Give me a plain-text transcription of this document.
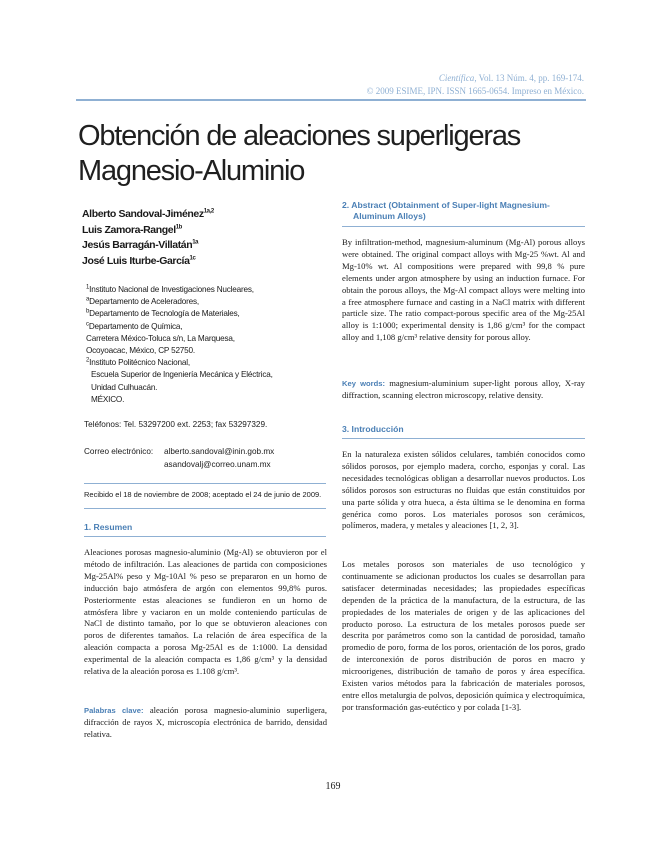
Científica, Vol. 13 Núm. 4, pp. 169-174.
© 2009 ESIME, IPN. ISSN 1665-0654. Impreso en México.
Obtención de aleaciones superligeras
Magnesio-Aluminio
Alberto Sandoval-Jiménez$^{1a,2}$
Luis Zamora-Rangel$^{1b}$
Jesús Barragán-Villatán$^{1a}$
José Luis Iturbe-García$^{1c}$
$^1$Instituto Nacional de Investigaciones Nucleares,
$^a$Departamento de Aceleradores,
$^b$Departamento de Tecnología de Materiales,
$^c$Departamento de Química,
Carretera México-Toluca s/n, La Marquesa,
Ocoyoacac, México, CP 52750.
$^2$Instituto Politécnico Nacional,
Escuela Superior de Ingeniería Mecánica y Eléctrica,
Unidad Culhuacán.
MÉXICO.
Teléfonos: Tel. 53297200 ext. 2253; fax 53297329.
Correo electrónico: alberto.sandoval@inin.gob.mx
asandovalj@correo.unam.mx
Recibido el 18 de noviembre de 2008; aceptado el 24 de junio de 2009.
1. Resumen
Aleaciones porosas magnesio-aluminio (Mg-Al) se obtuvieron por el método de infiltración. Las aleaciones de partida con composiciones Mg-25Al% peso y Mg-10Al % peso se prepararon en un horno de inducción bajo atmósfera de argón con elementos 99,8% puros. Posteriormente estas aleaciones se fundieron en un horno de atmósfera libre y vaciaron en un molde conteniendo partículas de NaCl de distinto tamaño, por lo que se obtuvieron aleaciones con poros de diferentes tamaños. La relación de área específica de la aleación compacta a porosa Mg-25Al es de 1:1000. La densidad experimental de la aleación compacta es 1,86 g/cm³ y la densidad relativa de la aleación porosa es 1.108 g/cm³.
Palabras clave: aleación porosa magnesio-aluminio superligera, difracción de rayos X, microscopía electrónica de barrido, densidad relativa.
2. Abstract (Obtainment of Super-light Magnesium-
Aluminum Alloys)
By infiltration-method, magnesium-aluminum (Mg-Al) porous alloys were obtained. The original compact alloys with Mg-25 %wt. Al and Mg-10% wt. Al compositions were prepared with 99,8 % pure elements under argon atmosphere by using an induction furnace. For obtain the porous alloys, the Mg-Al compact alloys were melting into a free atmosphere furnace and casting in a NaCl matrix with different particle size. The ratio compact-porous specific area of the Mg-25Al alloy is 1:1000; experimental density is 1,86 g/cm³ for the compact alloy and 1,108 g/cm³ relative density for porous alloy.
Key words: magnesium-aluminium super-light porous alloy, X-ray diffraction, scanning electron microscopy, relative density.
3. Introducción
En la naturaleza existen sólidos celulares, también conocidos como sólidos porosos, por ejemplo madera, corcho, esponjas y coral. Las necesidades tecnológicas obligan a desarrollar nuevos productos. Los sólidos porosos son estructuras no fluidas que están constituidos por una parte sólida y otra hueca, a ésta última se le denomina en forma genérica como poros. Los materiales porosos son cerámicos, polímeros, madera, y metales y aleaciones [1, 2, 3].
Los metales porosos son materiales de uso tecnológico y continuamente se adicionan productos los cuales se desarrollan para satisfacer determinadas necesidades; las propiedades específicas dependen de la práctica de la manufactura, de la estructura, de las propiedades de los materiales de origen y de las aplicaciones del producto poroso. La estructura de los metales porosos puede ser descrita por parámetros como son la cantidad de porosidad, tamaño promedio de poro, forma de los poros, orientación de los poros, grado de interconexión de poros distribución de poros en macro y microorigenes, distribución de tamaño de poros y área específica. Existen varios métodos para la fabricación de materiales porosos, entre ellos metalurgia de polvos, deposición química y electroquímica, por transformación gas-eutéctico y por colada [1-3].
169
